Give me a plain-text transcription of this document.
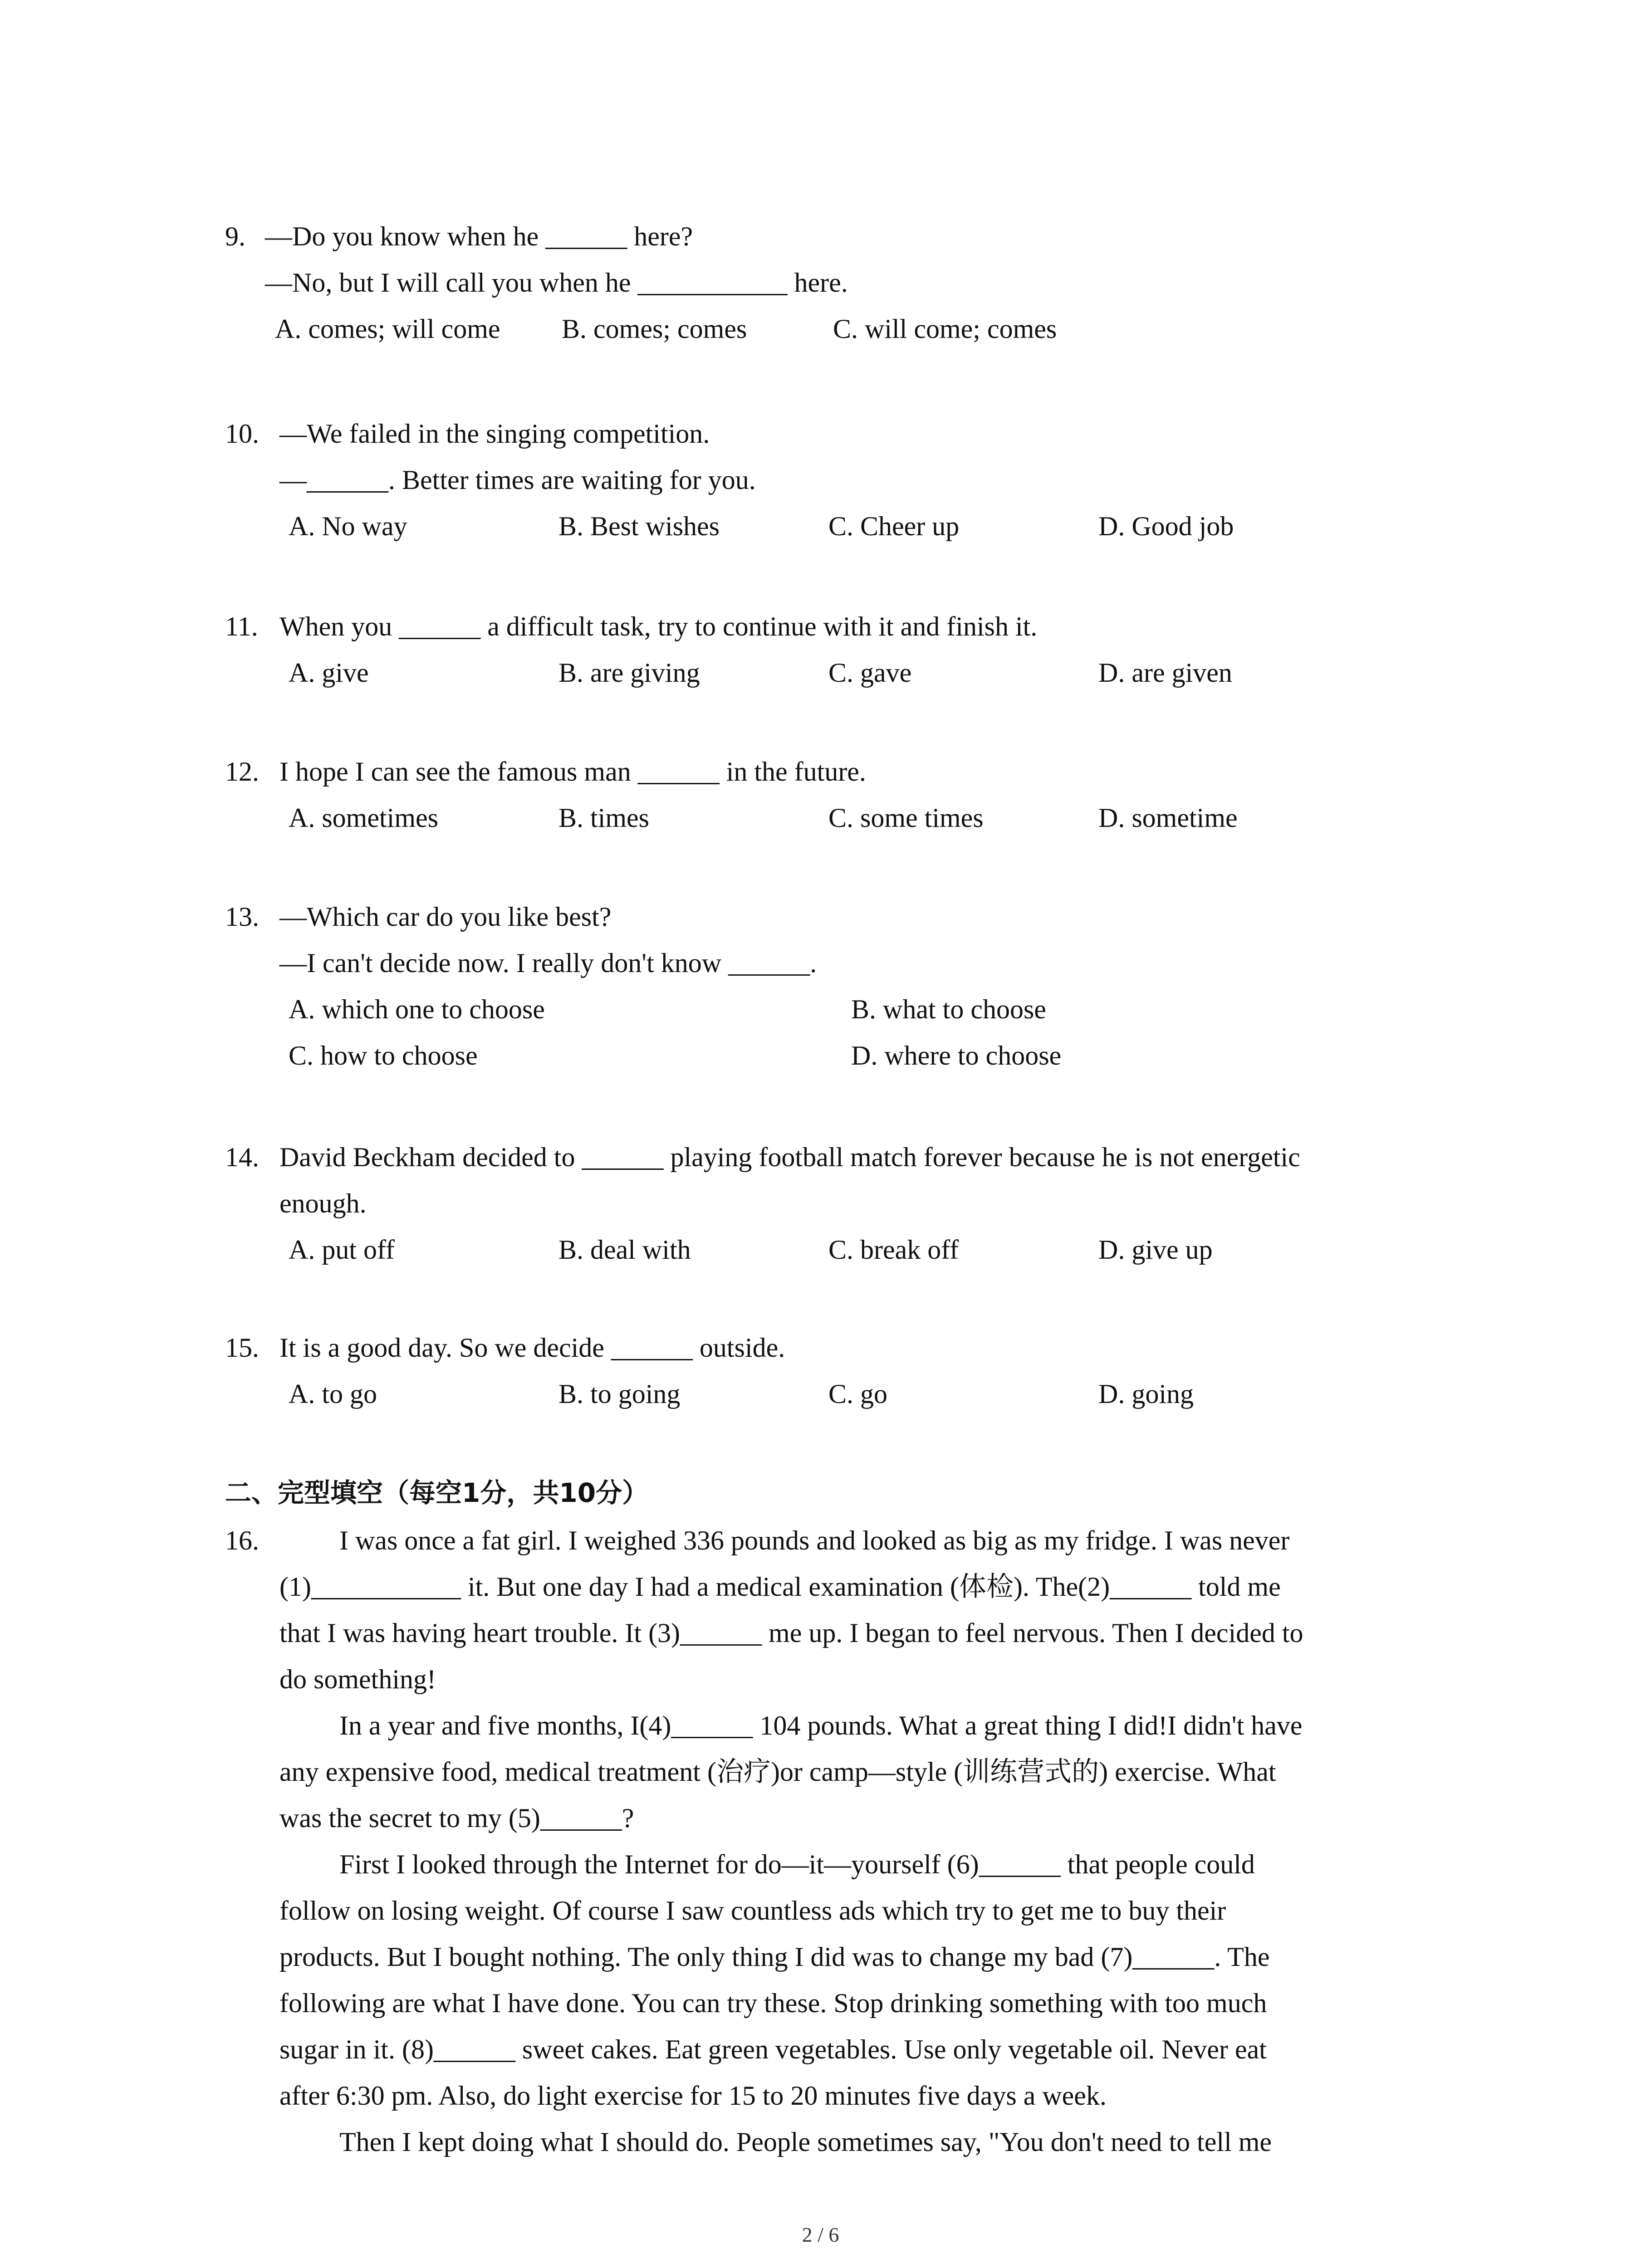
9. —Do you know when he ______ here?
—No, but I will call you when he ___________ here.
A. comes; will come B. comes; comes	C. will come; comes
10. —We failed in the singing competition.
—______. Better times are waiting for you.
A. No way	B. Best wishes	C. Cheer up	D. Good job
11. When you ______ a difficult task, try to continue with it and finish it.
A. give	B. are giving	C. gave	D. are given
12. I hope I can see the famous man ______ in the future.
A. sometimes	B. times	C. some times	D. sometime
13. —Which car do you like best?
—I can't decide now. I really don't know ______.
A. which one to choose	B. what to choose
C. how to choose	D. where to choose
14. David Beckham decided to ______ playing football match forever because he is not energetic
enough.
A. put off	B. deal with	C. break off	D. give up
15. It is a good day. So we decide ______ outside.
A. to go	B. to going	C. go	D. going
二、完型填空（每空1分，共10分）
16.	I was once a fat girl. I weighed 336 pounds and looked as big as my fridge. I was never
(1)___________ it. But one day I had a medical examination (体检). The(2)______ told me
that I was having heart trouble. It (3)______ me up. I began to feel nervous. Then I decided to
do something!
In a year and five months, I(4)______ 104 pounds. What a great thing I did!I didn't have
any expensive food, medical treatment (治疗)or camp—style (训练营式的) exercise. What
was the secret to my (5)______?
First I looked through the Internet for do—it—yourself (6)______ that people could
follow on losing weight. Of course I saw countless ads which try to get me to buy their
products. But I bought nothing. The only thing I did was to change my bad (7)______. The
following are what I have done. You can try these. Stop drinking something with too much
sugar in it. (8)______ sweet cakes. Eat green vegetables. Use only vegetable oil. Never eat
after 6:30 pm. Also, do light exercise for 15 to 20 minutes five days a week.
Then I kept doing what I should do. People sometimes say, "You don't need to tell me
2 / 6
